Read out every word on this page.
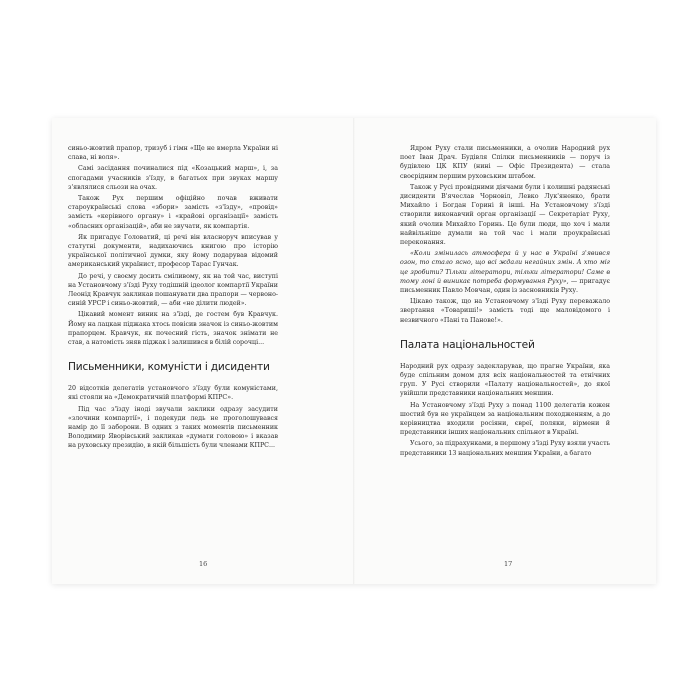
синьо-жовтий прапор, тризуб і гімн «Ще не вмерла України ні слава, ні воля».

Самі засідання починалися під «Козацький марш», і, за спогадами учасників з'їзду, в багатьох при звуках маршу з'являлися сльози на очах.

Також Рух першим офіційно почав вживати староукраїнські слова «збори» замість «з'їзду», «провід» замість «керівного органу» і «крайові організації» замість «обласних організацій», аби не звучати, як компартія.

Як пригадує Головатий, ці речі він власноруч вписував у статутні документи, надихаючись книгою про історію української політичної думки, яку йому подарував відомий американський українист, професор Тарас Гунчак.

До речі, у своєму досить сміливому, як на той час, виступі на Установчому з'їзді Руху тодішній ідеолог компартії України Леонід Кравчук закликав пошанувати два прапори — червоно-синій УРСР і синьо-жовтий, — аби «не ділити людей».

Цікавий момент виник на з'їзді, де гостем був Кравчук. Йому на лацкан піджака хтось повісив значок із синьо-жовтим прапорцем. Кравчук, як почесний гість, значок знімати не став, а натомість зняв піджак і залишився в білій сорочці...

Письменники, комуністи і дисиденти

20 відсотків делегатів установчого з'їзду були комуністами, які стояли на «Демократичній платформі КПРС».

Під час з'їзду іноді звучали заклики одразу засудити «злочини компартії», і подекуди ледь не проголошувався намір до її заборони. В одних з таких моментів письменник Володимир Яворівський закликав «думати головою» і вказав на руховську президію, в якій більшість були членами КПРС...

16

Ядром Руху стали письменники, а очолив Народний рух поет Іван Драч. Будівля Спілки письменників — поруч із будівлею ЦК КПУ (нині — Офіс Президента) — стала своєрідним першим руховським штабом.

Також у Русі провідними діячами були і колишні радянські дисиденти В'ячеслав Чорновіл, Левко Лук'яненко, брати Михайло і Богдан Горині й інші. На Установчому з'їзді створили виконавчий орган організації — Секретаріат Руху, який очолив Михайло Горинь. Це були люди, що хоч і мали найвільніше думали на той час і мали проукраїнські переконання.

«Коли змінилась атмосфера й у нас в Україні з'явився озон, то стало ясно, що всі ждали негайних змін. А хто міг це зробити? Тільки літератори, тільки літератори! Саме в тому лоні й виникає потреба формування Руху», — пригадує письменник Павло Мовчан, один із засновників Руху.

Цікаво також, що на Установчому з'їзді Руху переважало звертання «Товариші!» замість тоді ще маловідомого і незвичного «Пані та Панове!».

Палата національностей

Народний рух одразу задекларував, що прагне України, яка буде спільним домом для всіх національностей та етнічних груп. У Русі створили «Палату національностей», до якої увійшли представники національних меншин.

На Установчому з'їзді Руху з понад 1100 делегатів кожен шостий був не українцем за національним походженням, а до керівництва входили росіяни, євреї, поляки, вірмени й представники інших національних спільнот в Україні.

Усього, за підрахунками, в першому з'їзді Руху взяли участь представники 13 національних меншин України, а багато

17
